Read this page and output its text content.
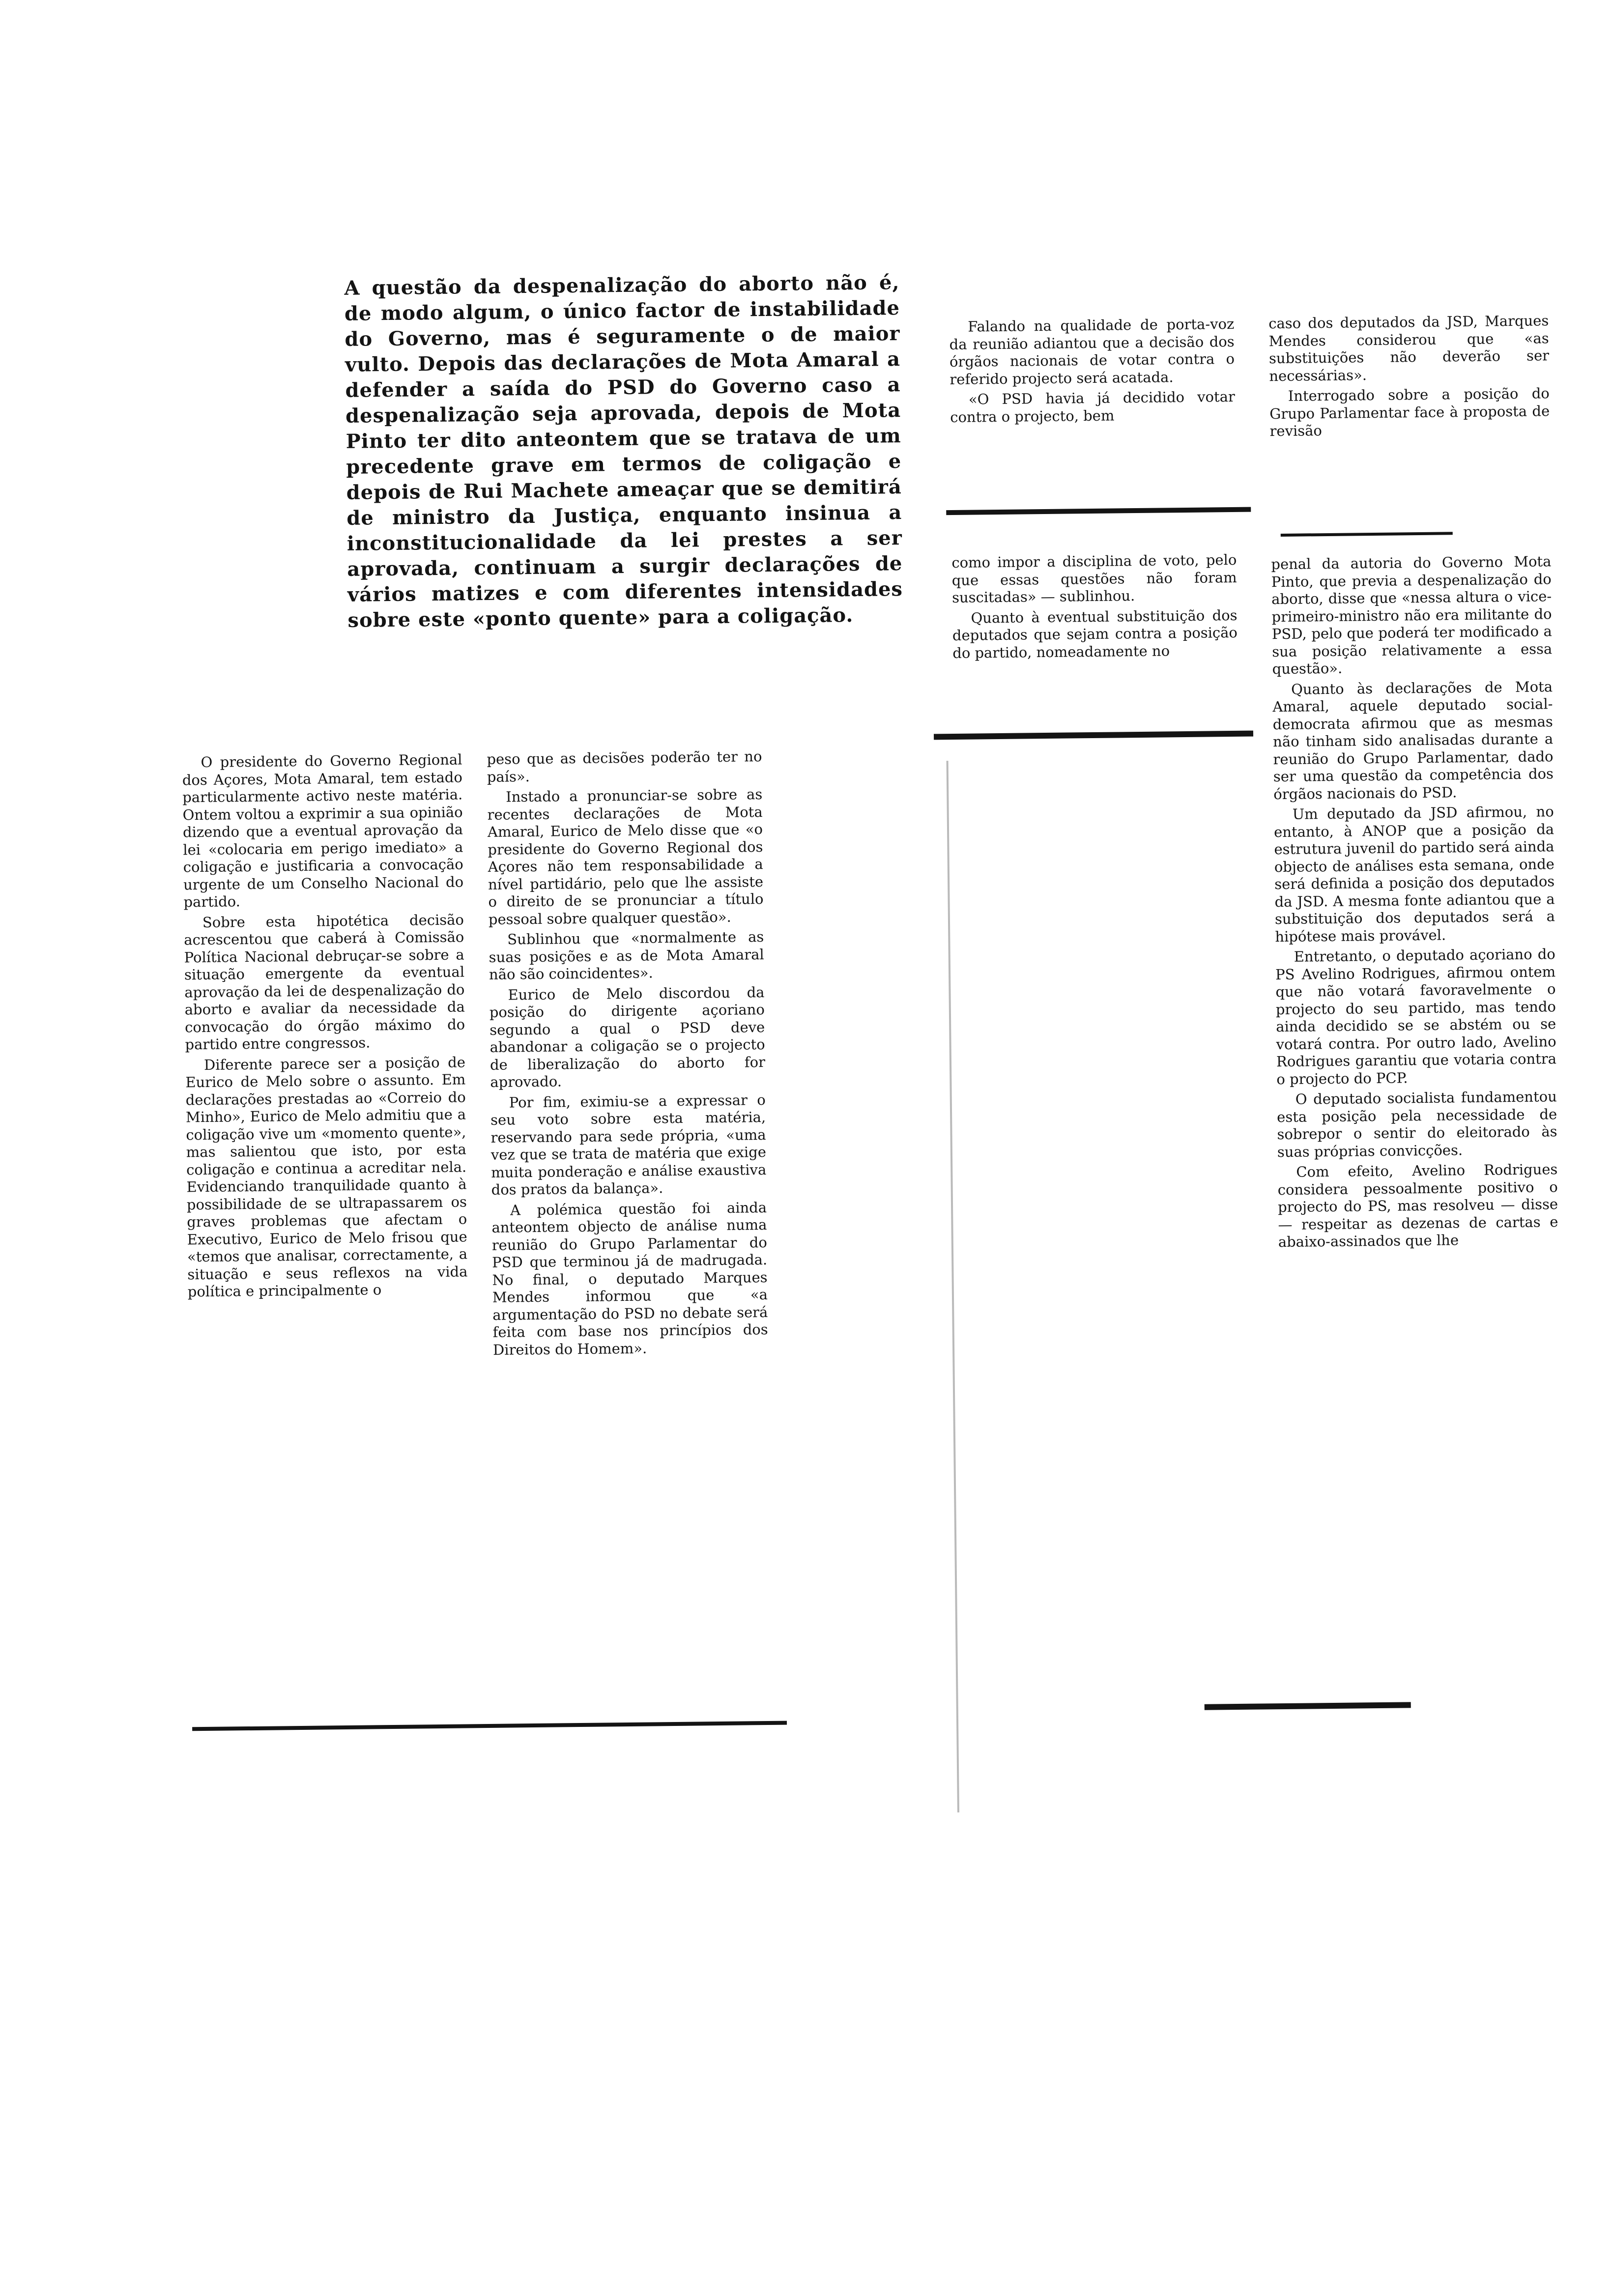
A questão da despenalização do aborto não é, de modo algum, o único factor de instabilidade do Governo, mas é seguramente o de maior vulto. Depois das declarações de Mota Amaral a defender a saída do PSD do Governo caso a despenalização seja aprovada, depois de Mota Pinto ter dito anteontem que se tratava de um precedente grave em termos de coligação e depois de Rui Machete ameaçar que se demitirá de ministro da Justiça, enquanto insinua a inconstitucionalidade da lei prestes a ser aprovada, continuam a surgir declarações de vários matizes e com diferentes intensidades sobre este «ponto quente» para a coligação.

O presidente do Governo Regional dos Açores, Mota Amaral, tem estado particularmente activo neste matéria. Ontem voltou a exprimir a sua opinião dizendo que a eventual aprovação da lei «colocaria em perigo imediato» a coligação e justificaria a convocação urgente de um Conselho Nacional do partido.

Sobre esta hipotética decisão acrescentou que caberá à Comissão Política Nacional debruçar-se sobre a situação emergente da eventual aprovação da lei de despenalização do aborto e avaliar da necessidade da convocação do órgão máximo do partido entre congressos.

Diferente parece ser a posição de Eurico de Melo sobre o assunto. Em declarações prestadas ao «Correio do Minho», Eurico de Melo admitiu que a coligação vive um «momento quente», mas salientou que isto, por esta coligação e continua a acreditar nela. Evidenciando tranquilidade quanto à possibilidade de se ultrapassarem os graves problemas que afectam o Executivo, Eurico de Melo frisou que «temos que analisar, correctamente, a situação e seus reflexos na vida política e principalmente o

peso que as decisões poderão ter no país».

Instado a pronunciar-se sobre as recentes declarações de Mota Amaral, Eurico de Melo disse que «o presidente do Governo Regional dos Açores não tem responsabilidade a nível partidário, pelo que lhe assiste o direito de se pronunciar a título pessoal sobre qualquer questão».

Sublinhou que «normalmente as suas posições e as de Mota Amaral não são coincidentes».

Eurico de Melo discordou da posição do dirigente açoriano segundo a qual o PSD deve abandonar a coligação se o projecto de liberalização do aborto for aprovado.

Por fim, eximiu-se a expressar o seu voto sobre esta matéria, reservando para sede própria, «uma vez que se trata de matéria que exige muita ponderação e análise exaustiva dos pratos da balança».

A polémica questão foi ainda anteontem objecto de análise numa reunião do Grupo Parlamentar do PSD que terminou já de madrugada. No final, o deputado Marques Mendes informou que «a argumentação do PSD no debate será feita com base nos princípios dos Direitos do Homem».

Falando na qualidade de porta-voz da reunião adiantou que a decisão dos órgãos nacionais de votar contra o referido projecto será acatada.

«O PSD havia já decidido votar contra o projecto, bem

como impor a disciplina de voto, pelo que essas questões não foram suscitadas» — sublinhou.

Quanto à eventual substituição dos deputados que sejam contra a posição do partido, nomeadamente no

caso dos deputados da JSD, Marques Mendes considerou que «as substituições não deverão ser necessárias».

Interrogado sobre a posição do Grupo Parlamentar face à proposta de revisão

penal da autoria do Governo Mota Pinto, que previa a despenalização do aborto, disse que «nessa altura o vice-primeiro-ministro não era militante do PSD, pelo que poderá ter modificado a sua posição relativamente a essa questão».

Quanto às declarações de Mota Amaral, aquele deputado social-democrata afirmou que as mesmas não tinham sido analisadas durante a reunião do Grupo Parlamentar, dado ser uma questão da competência dos órgãos nacionais do PSD.

Um deputado da JSD afirmou, no entanto, à ANOP que a posição da estrutura juvenil do partido será ainda objecto de análises esta semana, onde será definida a posição dos deputados da JSD. A mesma fonte adiantou que a substituição dos deputados será a hipótese mais provável.

Entretanto, o deputado açoriano do PS Avelino Rodrigues, afirmou ontem que não votará favoravelmente o projecto do seu partido, mas tendo ainda decidido se se abstém ou se votará contra. Por outro lado, Avelino Rodrigues garantiu que votaria contra o projecto do PCP.

O deputado socialista fundamentou esta posição pela necessidade de sobrepor o sentir do eleitorado às suas próprias convicções.

Com efeito, Avelino Rodrigues considera pessoalmente positivo o projecto do PS, mas resolveu — disse — respeitar as dezenas de cartas e abaixo-assinados que lhe
